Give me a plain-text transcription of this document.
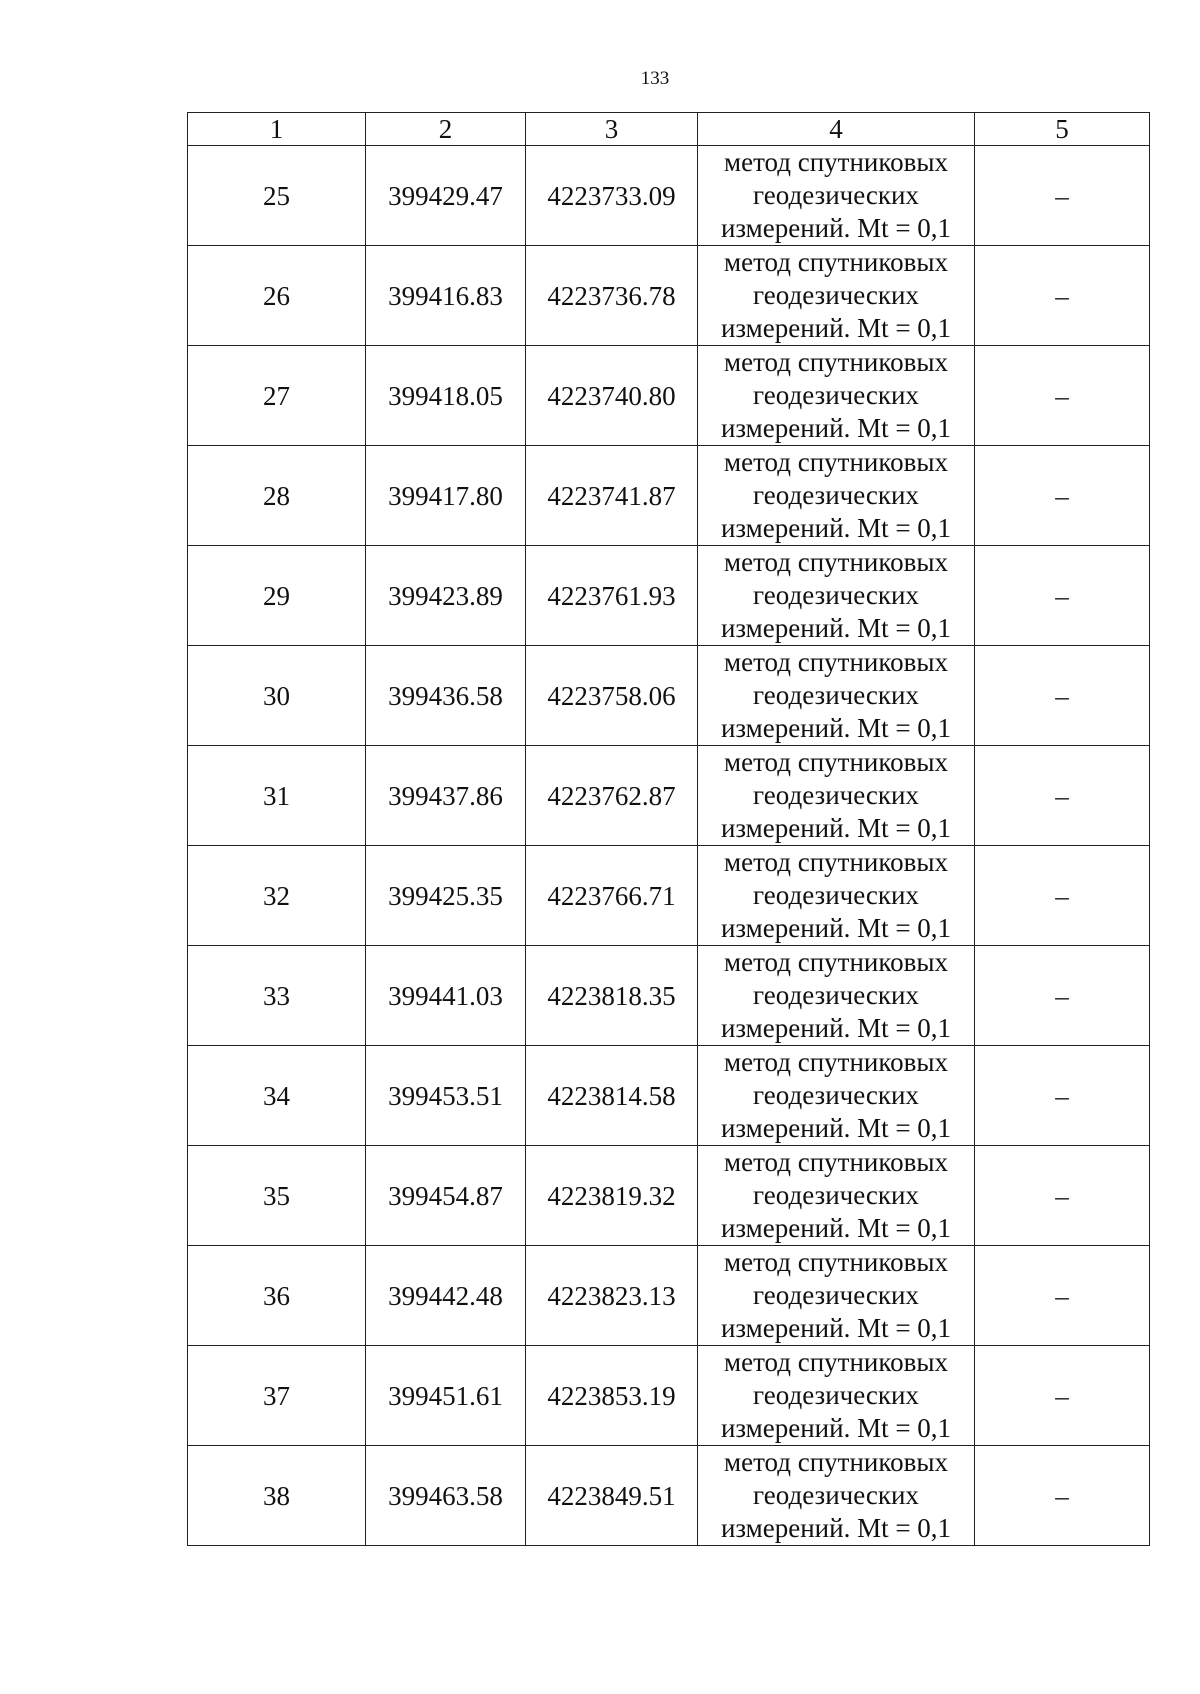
133
1	2	3	4	5
25	399429.47	4223733.09	метод спутниковых
геодезических
измерений. Mt = 0,1	–
26	399416.83	4223736.78	метод спутниковых
геодезических
измерений. Mt = 0,1	–
27	399418.05	4223740.80	метод спутниковых
геодезических
измерений. Mt = 0,1	–
28	399417.80	4223741.87	метод спутниковых
геодезических
измерений. Mt = 0,1	–
29	399423.89	4223761.93	метод спутниковых
геодезических
измерений. Mt = 0,1	–
30	399436.58	4223758.06	метод спутниковых
геодезических
измерений. Mt = 0,1	–
31	399437.86	4223762.87	метод спутниковых
геодезических
измерений. Mt = 0,1	–
32	399425.35	4223766.71	метод спутниковых
геодезических
измерений. Mt = 0,1	–
33	399441.03	4223818.35	метод спутниковых
геодезических
измерений. Mt = 0,1	–
34	399453.51	4223814.58	метод спутниковых
геодезических
измерений. Mt = 0,1	–
35	399454.87	4223819.32	метод спутниковых
геодезических
измерений. Mt = 0,1	–
36	399442.48	4223823.13	метод спутниковых
геодезических
измерений. Mt = 0,1	–
37	399451.61	4223853.19	метод спутниковых
геодезических
измерений. Mt = 0,1	–
38	399463.58	4223849.51	метод спутниковых
геодезических
измерений. Mt = 0,1	–
